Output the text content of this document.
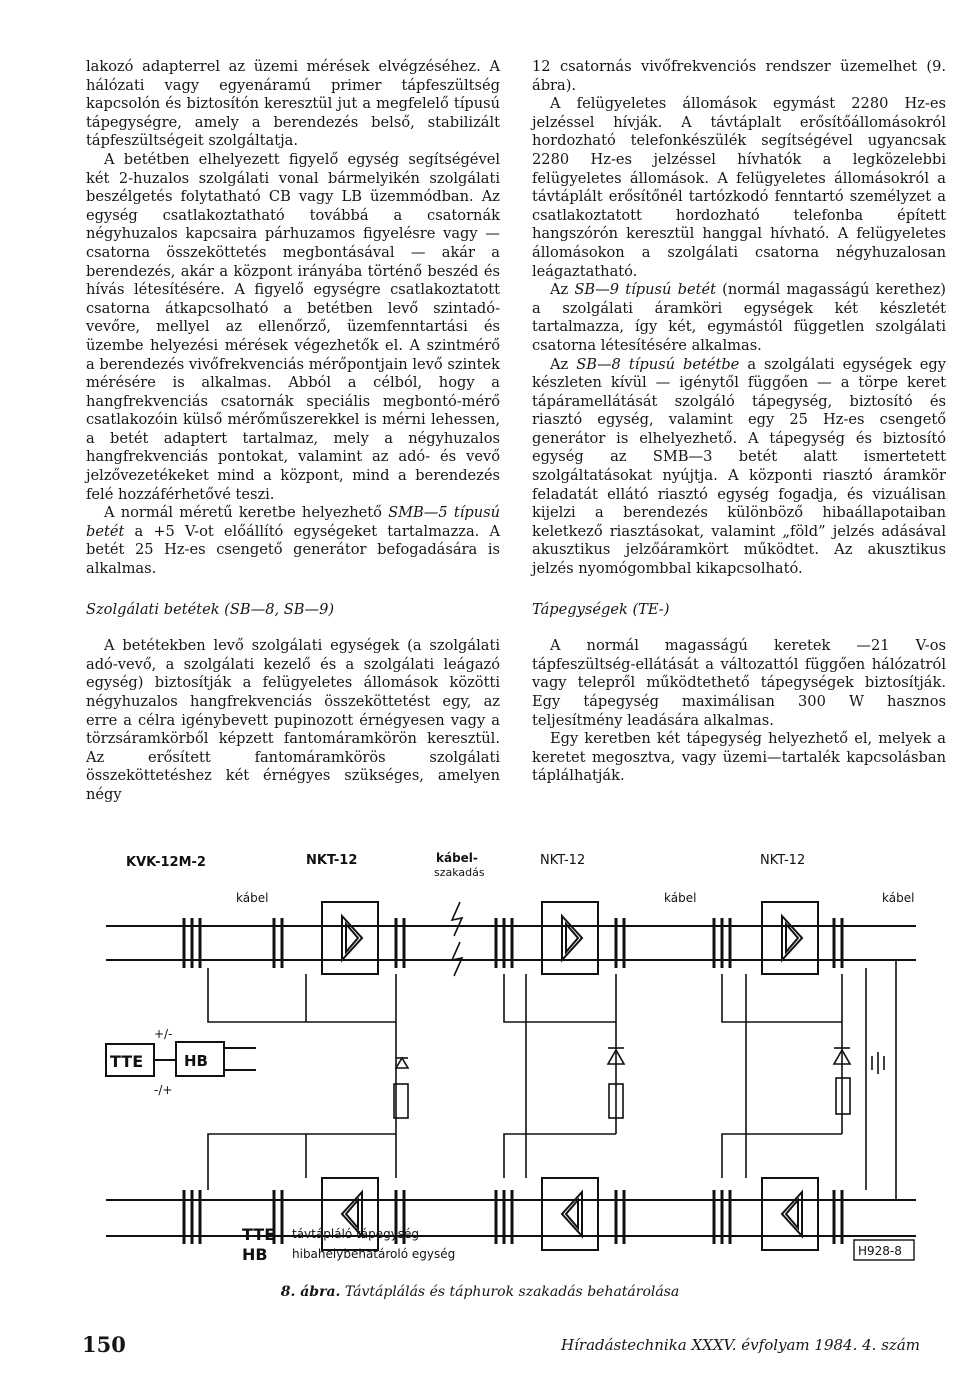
lakozó adapterrel az üzemi mérések elvégzéséhez. A hálózati vagy egyenáramú primer tápfeszültség kapcsolón és biztosítón keresztül jut a megfelelő típusú tápegységre, amely a berendezés belső, stabilizált tápfeszültségeit szolgáltatja.

A betétben elhelyezett figyelő egység segítségével két 2-huzalos szolgálati vonal bármelyikén szolgálati beszélgetés folytatható CB vagy LB üzemmódban. Az egység csatlakoztatható továbbá a csatornák négyhuzalos kapcsaira párhuzamos figyelésre vagy — csatorna összeköttetés megbontásával — akár a berendezés, akár a központ irányába történő beszéd és hívás létesítésére. A figyelő egységre csatlakoztatott csatorna átkapcsolható a betétben levő szintadó-vevőre, mellyel az ellenőrző, üzemfenntartási és üzembe helyezési mérések végezhetők el. A szintmérő a berendezés vivőfrekvenciás mérőpontjain levő szintek mérésére is alkalmas. Abból a célból, hogy a hangfrekvenciás csatornák speciális megbontó-mérő csatlakozóin külső mérőműszerekkel is mérni lehessen, a betét adaptert tartalmaz, mely a négyhuzalos hangfrekvenciás pontokat, valamint az adó- és vevő jelzővezetékeket mind a központ, mind a berendezés felé hozzáférhetővé teszi.

A normál méretű keretbe helyezhető SMB—5 típusú betét a +5 V-ot előállító egységeket tartalmazza. A betét 25 Hz-es csengető generátor befogadására is alkalmas.

Szolgálati betétek (SB—8, SB—9)

A betétekben levő szolgálati egységek (a szolgálati adó-vevő, a szolgálati kezelő és a szolgálati leágazó egység) biztosítják a felügyeletes állomások közötti négyhuzalos hangfrekvenciás összeköttetést egy, az erre a célra igénybevett pupinozott érnégyesen vagy a törzsáramkörből képzett fantomáramkörön keresztül. Az erősített fantomáramkörös szolgálati összeköttetéshez két érnégyes szükséges, amelyen négy

12 csatornás vivőfrekvenciós rendszer üzemelhet (9. ábra).

A felügyeletes állomások egymást 2280 Hz-es jelzéssel hívják. A távtáplalt erősítőállomásokról hordozható telefonkészülék segítségével ugyancsak 2280 Hz-es jelzéssel hívhatók a legközelebbi felügyeletes állomások. A felügyeletes állomásokról a távtáplált erősítőnél tartózkodó fenntartó személyzet a csatlakoztatott hordozható telefonba épített hangszórón keresztül hanggal hívható. A felügyeletes állomásokon a szolgálati csatorna négyhuzalosan leágaztatható.

Az SB—9 típusú betét (normál magasságú kerethez) a szolgálati áramköri egységek két készletét tartalmazza, így két, egymástól független szolgálati csatorna létesítésére alkalmas.

Az SB—8 típusú betétbe a szolgálati egységek egy készleten kívül — igénytől függően — a törpe keret tápáramellátását szolgáló tápegység, biztosító és riasztó egység, valamint egy 25 Hz-es csengető generátor is elhelyezhető. A tápegység és biztosító egység az SMB—3 betét alatt ismertetett szolgáltatásokat nyújtja. A központi riasztó áramkör feladatát ellátó riasztó egység fogadja, és vizuálisan kijelzi a berendezés különböző hibaállapotaiban keletkező riasztásokat, valamint „föld” jelzés adásával akusztikus jelzőáramkört működtet. Az akusztikus jelzés nyomógombbal kikapcsolható.

Tápegységek (TE-)

A normál magasságú keretek —21 V-os tápfeszültség-ellátását a változattól függően hálózatról vagy telepről működtethető tápegységek biztosítják. Egy tápegység maximálisan 300 W hasznos teljesítmény leadására alkalmas.

Egy keretben két tápegység helyezhető el, melyek a keretet megosztva, vagy üzemi—tartalék kapcsolásban táplálhatják.

KVK-12M-2	NKT-12	NKT-12	NKT-12
kábel
kábel-
szakadás
kábel	kábel
TTE	HB
+/-
-/+
TTE távtápláló tápegység
HB hibahelybehatároló egység	H928-8
8. ábra. Távtáplálás és táphurok szakadás behatárolása
150	Híradástechnika XXXV. évfolyam 1984. 4. szám
